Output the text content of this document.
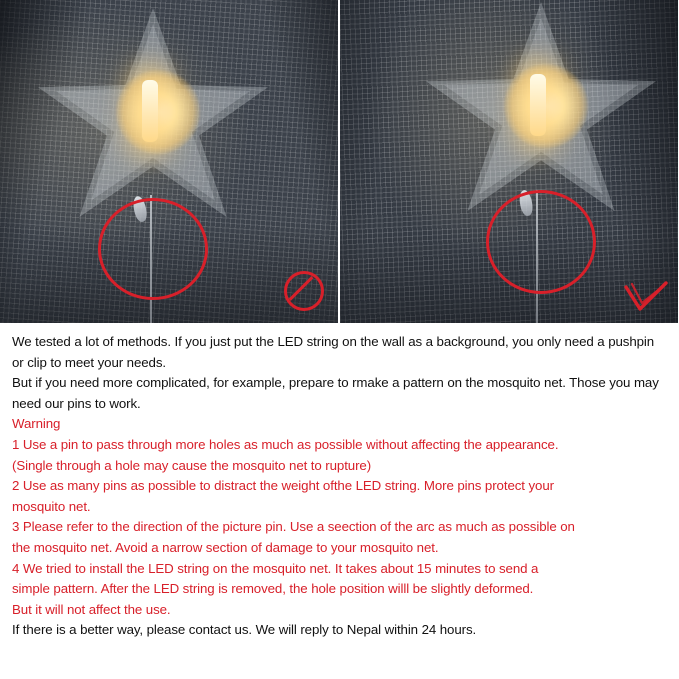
We tested a lot of methods. If you just put the LED string on the wall as a background, you only need a pushpin

or clip to meet your needs.

But if you need more complicated, for example, prepare to rmake a pattern on the mosquito net. Those you may

need our pins to work.

Warning

1 Use a pin to pass through more holes as much as possible without affecting the appearance.

(Single through a hole may cause the mosquito net to rupture)

2 Use as many pins as possible to distract the weight ofthe LED string. More pins protect your

mosquito net.

3 Please refer to the direction of the picture pin. Use a seection of the arc as much as possible on

the mosquito net. Avoid a narrow section of damage to your mosquito net.

4 We tried to install the LED string on the mosquito net. It takes about 15 minutes to send a

simple pattern. After the LED string is removed, the hole position willl be slightly deformed.

But it will not affect the use.

If there is a better way, please contact us. We will reply to Nepal within 24 hours.
